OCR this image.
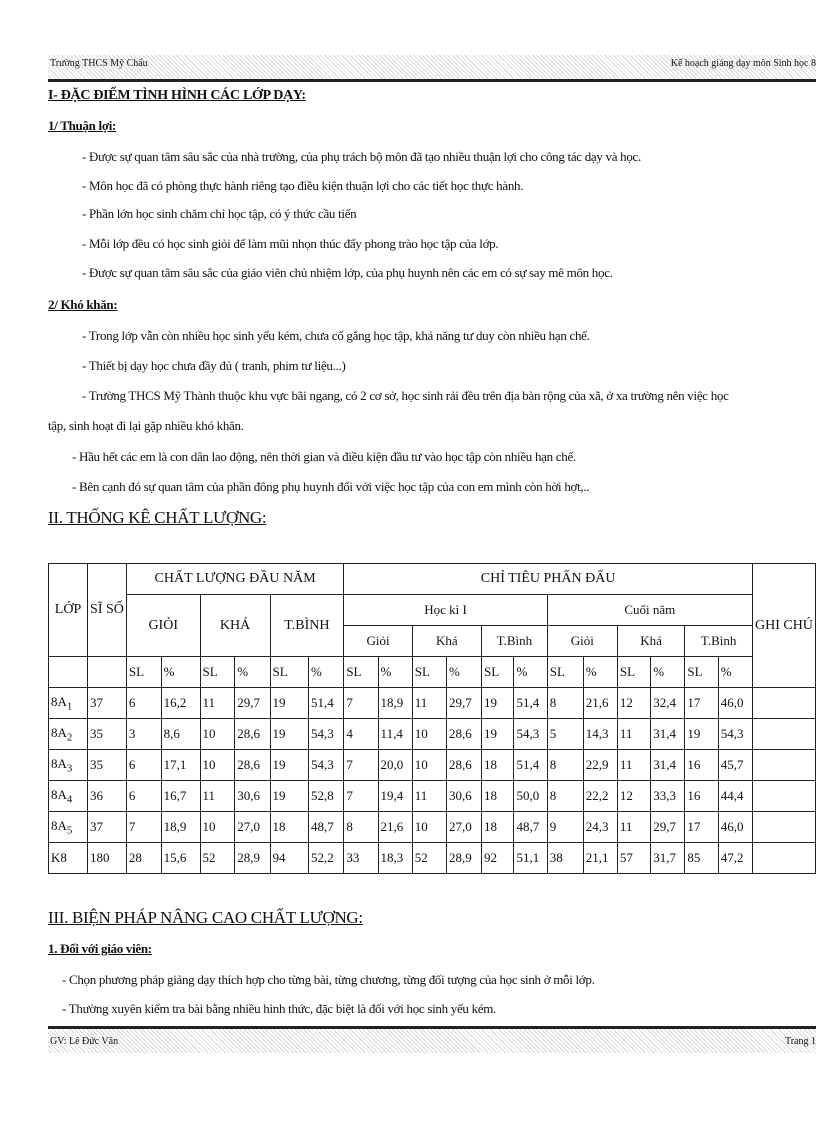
Trường THCS Mỹ Chấu	Kế hoạch giảng dạy môn Sinh học 8
I- ĐẶC ĐIỂM TÌNH HÌNH CÁC LỚP DẠY:
1/ Thuận lợi:
- Được sự quan tâm sâu sắc của nhà trường, của phụ trách bộ môn đã tạo nhiều thuận lợi cho công tác dạy và học.
- Môn học đã có phòng thực hành riêng tạo điều kiện thuận lợi cho các tiết học thực hành.
- Phần lớn học sinh chăm chỉ học tập, có ý thức cầu tiến
- Mỗi lớp đều có học sinh giỏi để làm mũi nhọn thúc đẩy phong trào học tập của lớp.
- Được sự quan tâm sâu sắc của giáo viên chủ nhiệm lớp, của phụ huynh nên các em có sự say mê môn học.
2/ Khó khăn:
- Trong lớp vẫn còn nhiều học sinh yếu kém, chưa cố gắng học tập, khả năng tư duy còn nhiều hạn chế.
- Thiết bị dạy học chưa đầy đủ ( tranh, phim tư liệu...)
- Trường THCS Mỹ Thành thuộc khu vực bãi ngang, có 2 cơ sở, học sinh rải đều trên địa bàn rộng của xã, ở xa trường nên việc học
tập, sinh hoạt đi lại gặp nhiều khó khăn.
- Hầu hết các em là con dân lao động, nên thời gian và điều kiện đầu tư vào học tập còn nhiều hạn chế.
- Bên cạnh đó sự quan tâm của phần đông phụ huynh đối với việc học tập của con em mình còn hời hợt,..
II. THỐNG KÊ CHẤT LƯỢNG:
LỚP	SĨ SỐ	CHẤT LƯỢNG ĐẦU NĂM						CHỈ TIÊU PHẤN ĐẤU												GHI CHÚ
		GIỎI		KHÁ		T.BÌNH		Học kì I						Cuối năm						
								Giỏi		Khá		T.Bình		Giỏi		Khá		T.Bình		
		SL	%	SL	%	SL	%	SL	%	SL	%	SL	%	SL	%	SL	%	SL	%	
$8A_1$	37	6	16,2	11	29,7	19	51,4	7	18,9	11	29,7	19	51,4	8	21,6	12	32,4	17	46,0	
$8A_2$	35	3	8,6	10	28,6	19	54,3	4	11,4	10	28,6	19	54,3	5	14,3	11	31,4	19	54,3	
$8A_3$	35	6	17,1	10	28,6	19	54,3	7	20,0	10	28,6	18	51,4	8	22,9	11	31,4	16	45,7	
$8A_4$	36	6	16,7	11	30,6	19	52,8	7	19,4	11	30,6	18	50,0	8	22,2	12	33,3	16	44,4	
$8A_5$	37	7	18,9	10	27,0	18	48,7	8	21,6	10	27,0	18	48,7	9	24,3	11	29,7	17	46,0	
K8	180	28	15,6	52	28,9	94	52,2	33	18,3	52	28,9	92	51,1	38	21,1	57	31,7	85	47,2	
III. BIỆN PHÁP NÂNG CAO CHẤT LƯỢNG:
1. Đối với giáo viên:
- Chọn phương pháp giảng dạy thích hợp cho từng bài, từng chương, từng đối tượng của học sinh ở mỗi lớp.
- Thường xuyên kiểm tra bài bằng nhiều hình thức, đặc biệt là đối với học sinh yếu kém.
GV: Lê Đức Văn	Trang 1
